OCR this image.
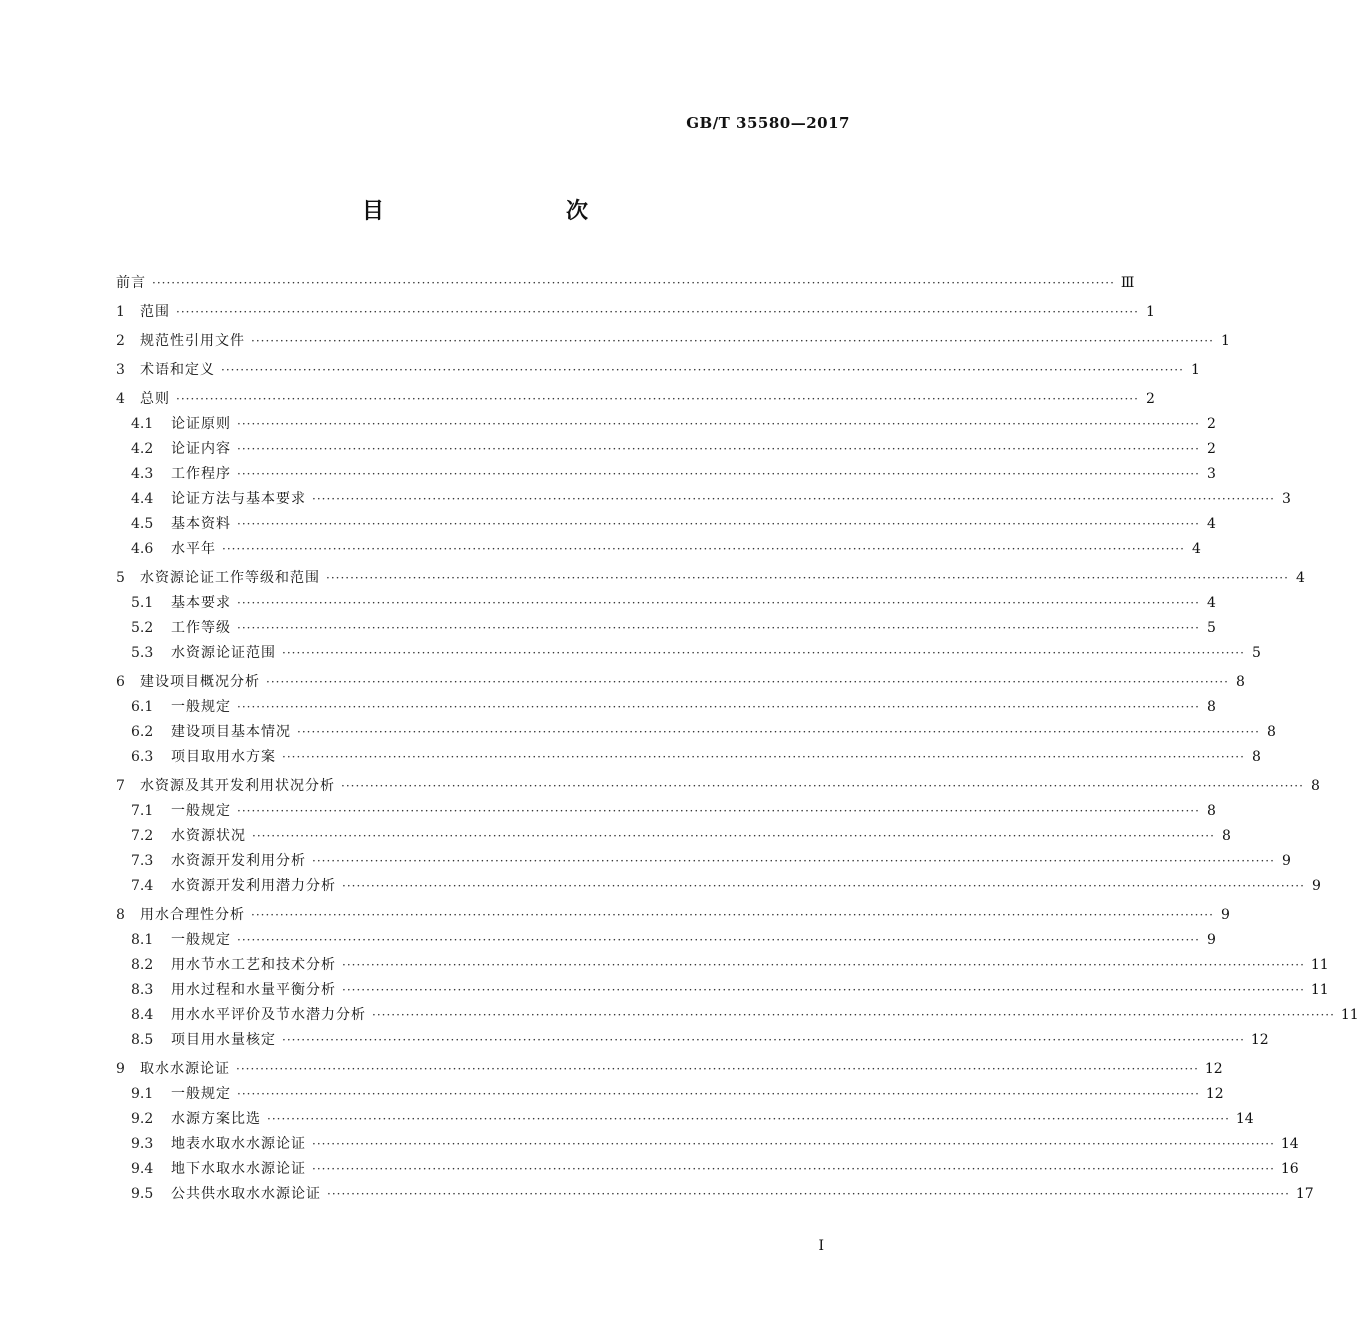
GB/T 35580—2017
目　　次
前言 ········································································································································································································ Ⅲ
1	范围 ········································································································································································································ 1
2	规范性引用文件 ········································································································································································································ 1
3	术语和定义 ········································································································································································································ 1
4	总则 ········································································································································································································ 2
4.1	论证原则 ········································································································································································································ 2
4.2	论证内容 ········································································································································································································ 2
4.3	工作程序 ········································································································································································································ 3
4.4	论证方法与基本要求 ········································································································································································································ 3
4.5	基本资料 ········································································································································································································ 4
4.6	水平年 ········································································································································································································ 4
5	水资源论证工作等级和范围 ········································································································································································································ 4
5.1	基本要求 ········································································································································································································ 4
5.2	工作等级 ········································································································································································································ 5
5.3	水资源论证范围 ········································································································································································································ 5
6	建设项目概况分析 ········································································································································································································ 8
6.1	一般规定 ········································································································································································································ 8
6.2	建设项目基本情况 ········································································································································································································ 8
6.3	项目取用水方案 ········································································································································································································ 8
7	水资源及其开发利用状况分析 ········································································································································································································ 8
7.1	一般规定 ········································································································································································································ 8
7.2	水资源状况 ········································································································································································································ 8
7.3	水资源开发利用分析 ········································································································································································································ 9
7.4	水资源开发利用潜力分析 ········································································································································································································ 9
8	用水合理性分析 ········································································································································································································ 9
8.1	一般规定 ········································································································································································································ 9
8.2	用水节水工艺和技术分析 ········································································································································································································ 11
8.3	用水过程和水量平衡分析 ········································································································································································································ 11
8.4	用水水平评价及节水潜力分析 ········································································································································································································ 11
8.5	项目用水量核定 ········································································································································································································ 12
9	取水水源论证 ········································································································································································································ 12
9.1	一般规定 ········································································································································································································ 12
9.2	水源方案比选 ········································································································································································································ 14
9.3	地表水取水水源论证 ········································································································································································································ 14
9.4	地下水取水水源论证 ········································································································································································································ 16
9.5	公共供水取水水源论证 ········································································································································································································ 17
I
